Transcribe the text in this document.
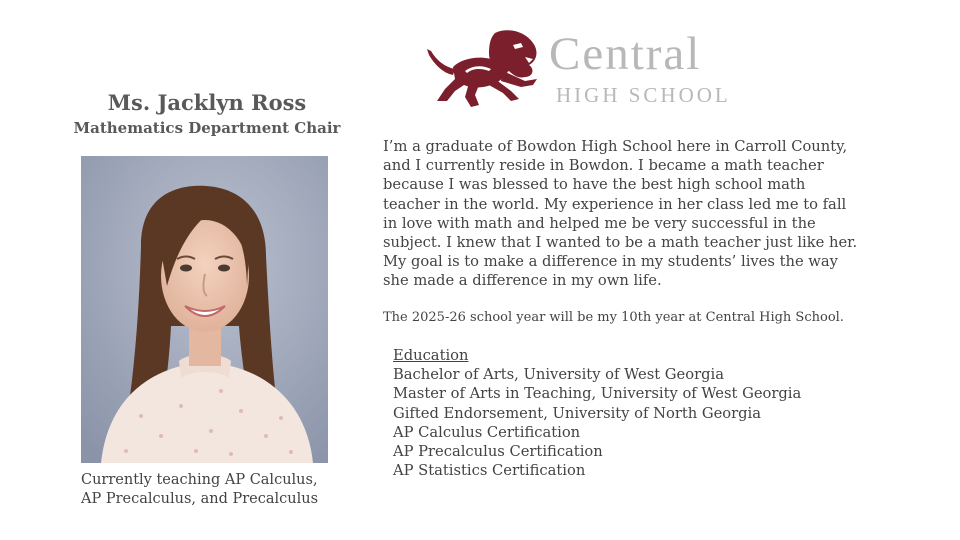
Central
HIGH SCHOOL
Ms. Jacklyn Ross
Mathematics Department Chair
Currently teaching AP Calculus,
AP Precalculus, and Precalculus
I’m a graduate of Bowdon High School here in Carroll County,
and I currently reside in Bowdon. I became a math teacher
because I was blessed to have the best high school math
teacher in the world. My experience in her class led me to fall
in love with math and helped me be very successful in the
subject. I knew that I wanted to be a math teacher just like her.
My goal is to make a difference in my students’ lives the way
she made a difference in my own life.
The 2025-26 school year will be my 10th year at Central High School.
Education
Bachelor of Arts, University of West Georgia
Master of Arts in Teaching, University of West Georgia
Gifted Endorsement, University of North Georgia
AP Calculus Certification
AP Precalculus Certification
AP Statistics Certification
